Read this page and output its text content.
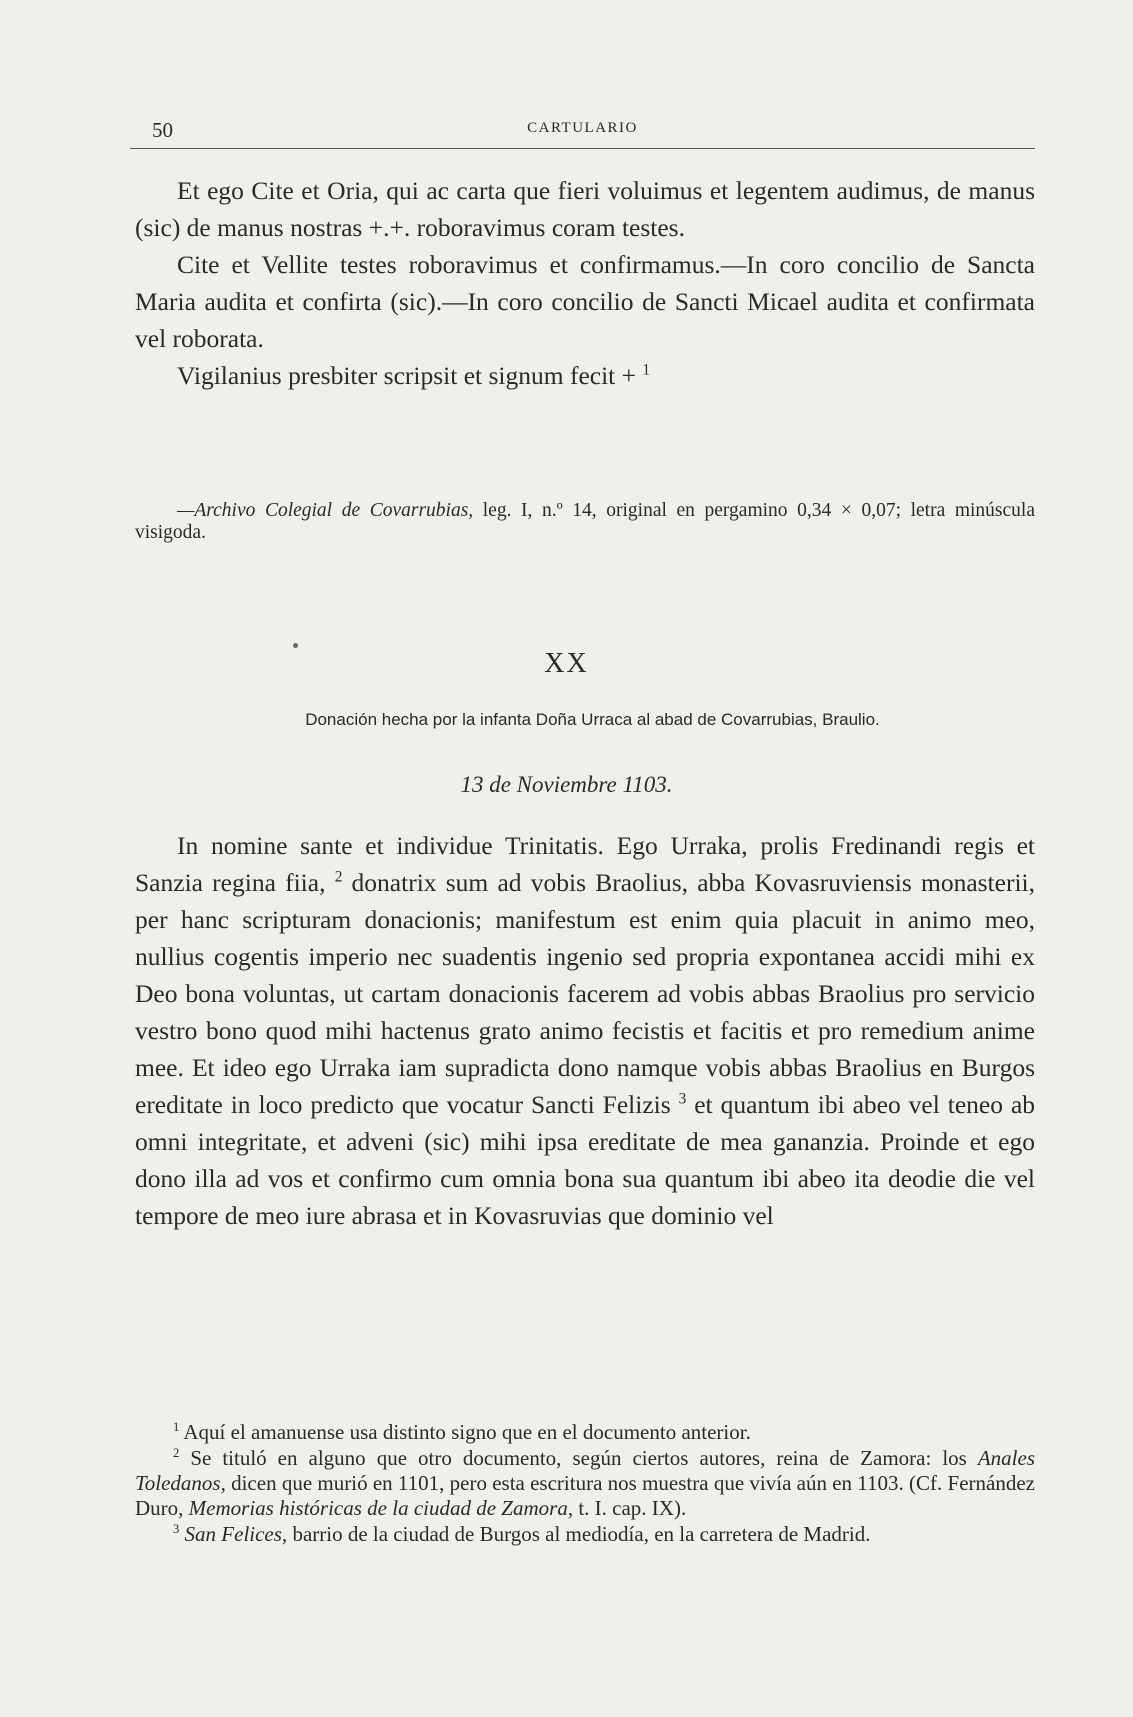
50	CARTULARIO

Et ego Cite et Oria, qui ac carta que fieri voluimus et legentem audimus, de manus (sic) de manus nostras +.+. roboravimus coram testes.

Cite et Vellite testes roboravimus et confirmamus.—In coro concilio de Sancta Maria audita et confirta (sic).—In coro concilio de Sancti Micael audita et confirmata vel roborata.

Vigilanius presbiter scripsit et signum fecit + $^1$

—Archivo Colegial de Covarrubias, leg. I, n.º 14, original en pergamino 0,34 × 0,07; letra minúscula visigoda.

XX
Donación hecha por la infanta Doña Urraca al abad de Covarrubias, Braulio.
13 de Noviembre 1103.

In nomine sante et individue Trinitatis. Ego Urraka, prolis Fredinandi regis et Sanzia regina fiia, $^2$ donatrix sum ad vobis Braolius, abba Kovasruviensis monasterii, per hanc scripturam donacionis; manifestum est enim quia placuit in animo meo, nullius cogentis imperio nec suadentis ingenio sed propria expontanea accidi mihi ex Deo bona voluntas, ut cartam donacionis facerem ad vobis abbas Braolius pro servicio vestro bono quod mihi hactenus grato animo fecistis et facitis et pro remedium anime mee. Et ideo ego Urraka iam supradicta dono namque vobis abbas Braolius en Burgos ereditate in loco predicto que vocatur Sancti Felizis $^3$ et quantum ibi abeo vel teneo ab omni integritate, et adveni (sic) mihi ipsa ereditate de mea gananzia. Proinde et ego dono illa ad vos et confirmo cum omnia bona sua quantum ibi abeo ita deodie die vel tempore de meo iure abrasa et in Kovasruvias que dominio vel

$^1$ Aquí el amanuense usa distinto signo que en el documento anterior.

$^2$ Se tituló en alguno que otro documento, según ciertos autores, reina de Zamora: los Anales Toledanos, dicen que murió en 1101, pero esta escritura nos muestra que vivía aún en 1103. (Cf. Fernández Duro, Memorias históricas de la ciudad de Zamora, t. I. cap. IX).

$^3$ San Felices, barrio de la ciudad de Burgos al mediodía, en la carretera de Madrid.
